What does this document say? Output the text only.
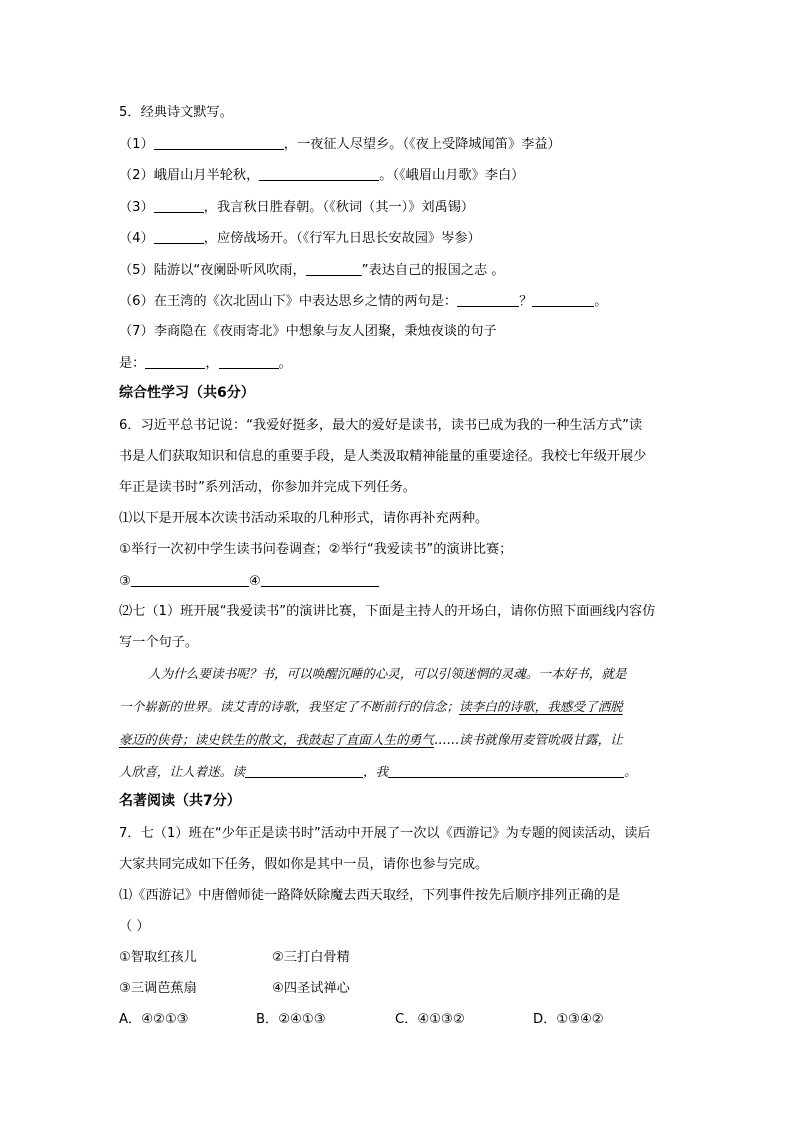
5．经典诗文默写。
（1）	，一夜征人尽望乡。（《夜上受降城闻笛》李益）
（2）峨眉山月半轮秋，	。（《峨眉山月歌》李白）
（3）	，我言秋日胜春朝。（《秋词（其一）》刘禹锡）
（4）	，应傍战场开。（《行军九日思长安故园》岑参）
（5）陆游以“夜阑卧听风吹雨，	”表达自己的报国之志 。
（6）在王湾的《次北固山下》中表达思乡之情的两句是：	？	。
（7）李商隐在《夜雨寄北》中想象与友人团聚，秉烛夜谈的句子
是：	，	。
综合性学习（共6分）
6．习近平总书记说：“我爱好挺多，最大的爱好是读书，读书已成为我的一种生活方式”读
书是人们获取知识和信息的重要手段，是人类汲取精神能量的重要途径。我校七年级开展少
年正是读书时”系列活动，你参加并完成下列任务。
⑴以下是开展本次读书活动采取的几种形式，请你再补充两种。
①举行一次初中学生读书问卷调查；②举行“我爱读书”的演讲比赛；
③	④
⑵七（1）班开展“我爱读书”的演讲比赛，下面是主持人的开场白，请你仿照下面画线内容仿
写一个句子。
人为什么要读书呢？书，可以唤醒沉睡的心灵，可以引领迷惘的灵魂。一本好书，就是
一个崭新的世界。读艾青的诗歌，我坚定了不断前行的信念；读李白的诗歌，我感受了洒脱
豪迈的侠骨；读史铁生的散文，我鼓起了直面人生的勇气……读书就像用麦管吮吸甘露，让
人欣喜，让人着迷。读	，我	。
名著阅读（共7分）
7．七（1）班在“少年正是读书时”活动中开展了一次以《西游记》为专题的阅读活动，读后
大家共同完成如下任务，假如你是其中一员，请你也参与完成。
⑴《西游记》中唐僧师徒一路降妖除魔去西天取经，下列事件按先后顺序排列正确的是
（ ）
①智取红孩儿	②三打白骨精
③三调芭蕉扇	④四圣试禅心
A．④②①③	B．②④①③	C．④①③②	D．①③④②
